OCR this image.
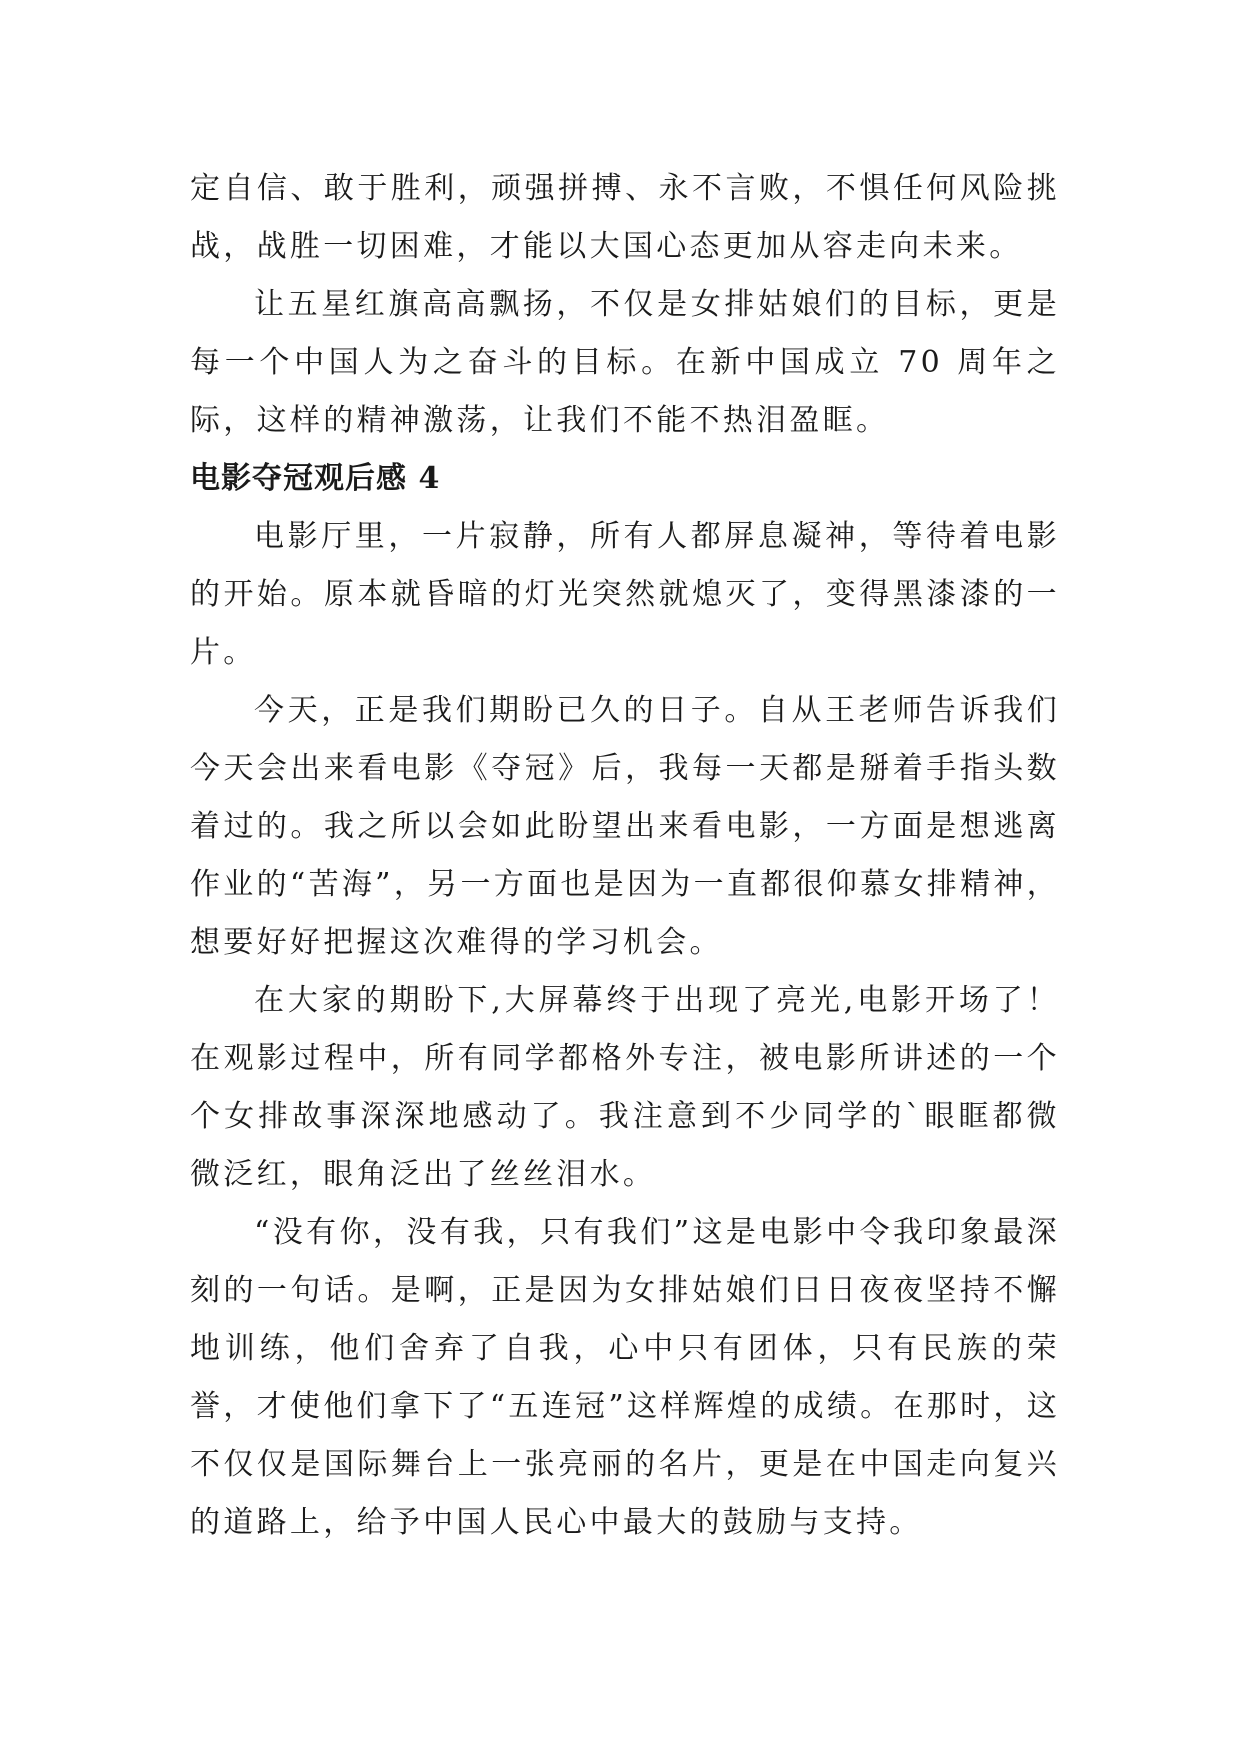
定自信、敢于胜利，顽强拼搏、永不言败，不惧任何风险挑战，战胜一切困难，才能以大国心态更加从容走向未来。

让五星红旗高高飘扬，不仅是女排姑娘们的目标，更是每一个中国人为之奋斗的目标。在新中国成立 70 周年之际，这样的精神激荡，让我们不能不热泪盈眶。

电影夺冠观后感 4

电影厅里，一片寂静，所有人都屏息凝神，等待着电影的开始。原本就昏暗的灯光突然就熄灭了，变得黑漆漆的一片。

今天，正是我们期盼已久的日子。自从王老师告诉我们今天会出来看电影《夺冠》后，我每一天都是掰着手指头数着过的。我之所以会如此盼望出来看电影，一方面是想逃离作业的“苦海”，另一方面也是因为一直都很仰慕女排精神，想要好好把握这次难得的学习机会。

在大家的期盼下,大屏幕终于出现了亮光,电影开场了！在观影过程中，所有同学都格外专注，被电影所讲述的一个个女排故事深深地感动了。我注意到不少同学的`眼眶都微微泛红，眼角泛出了丝丝泪水。

“没有你，没有我，只有我们”这是电影中令我印象最深刻的一句话。是啊，正是因为女排姑娘们日日夜夜坚持不懈地训练，他们舍弃了自我，心中只有团体，只有民族的荣誉，才使他们拿下了“五连冠”这样辉煌的成绩。在那时，这不仅仅是国际舞台上一张亮丽的名片，更是在中国走向复兴的道路上，给予中国人民心中最大的鼓励与支持。
